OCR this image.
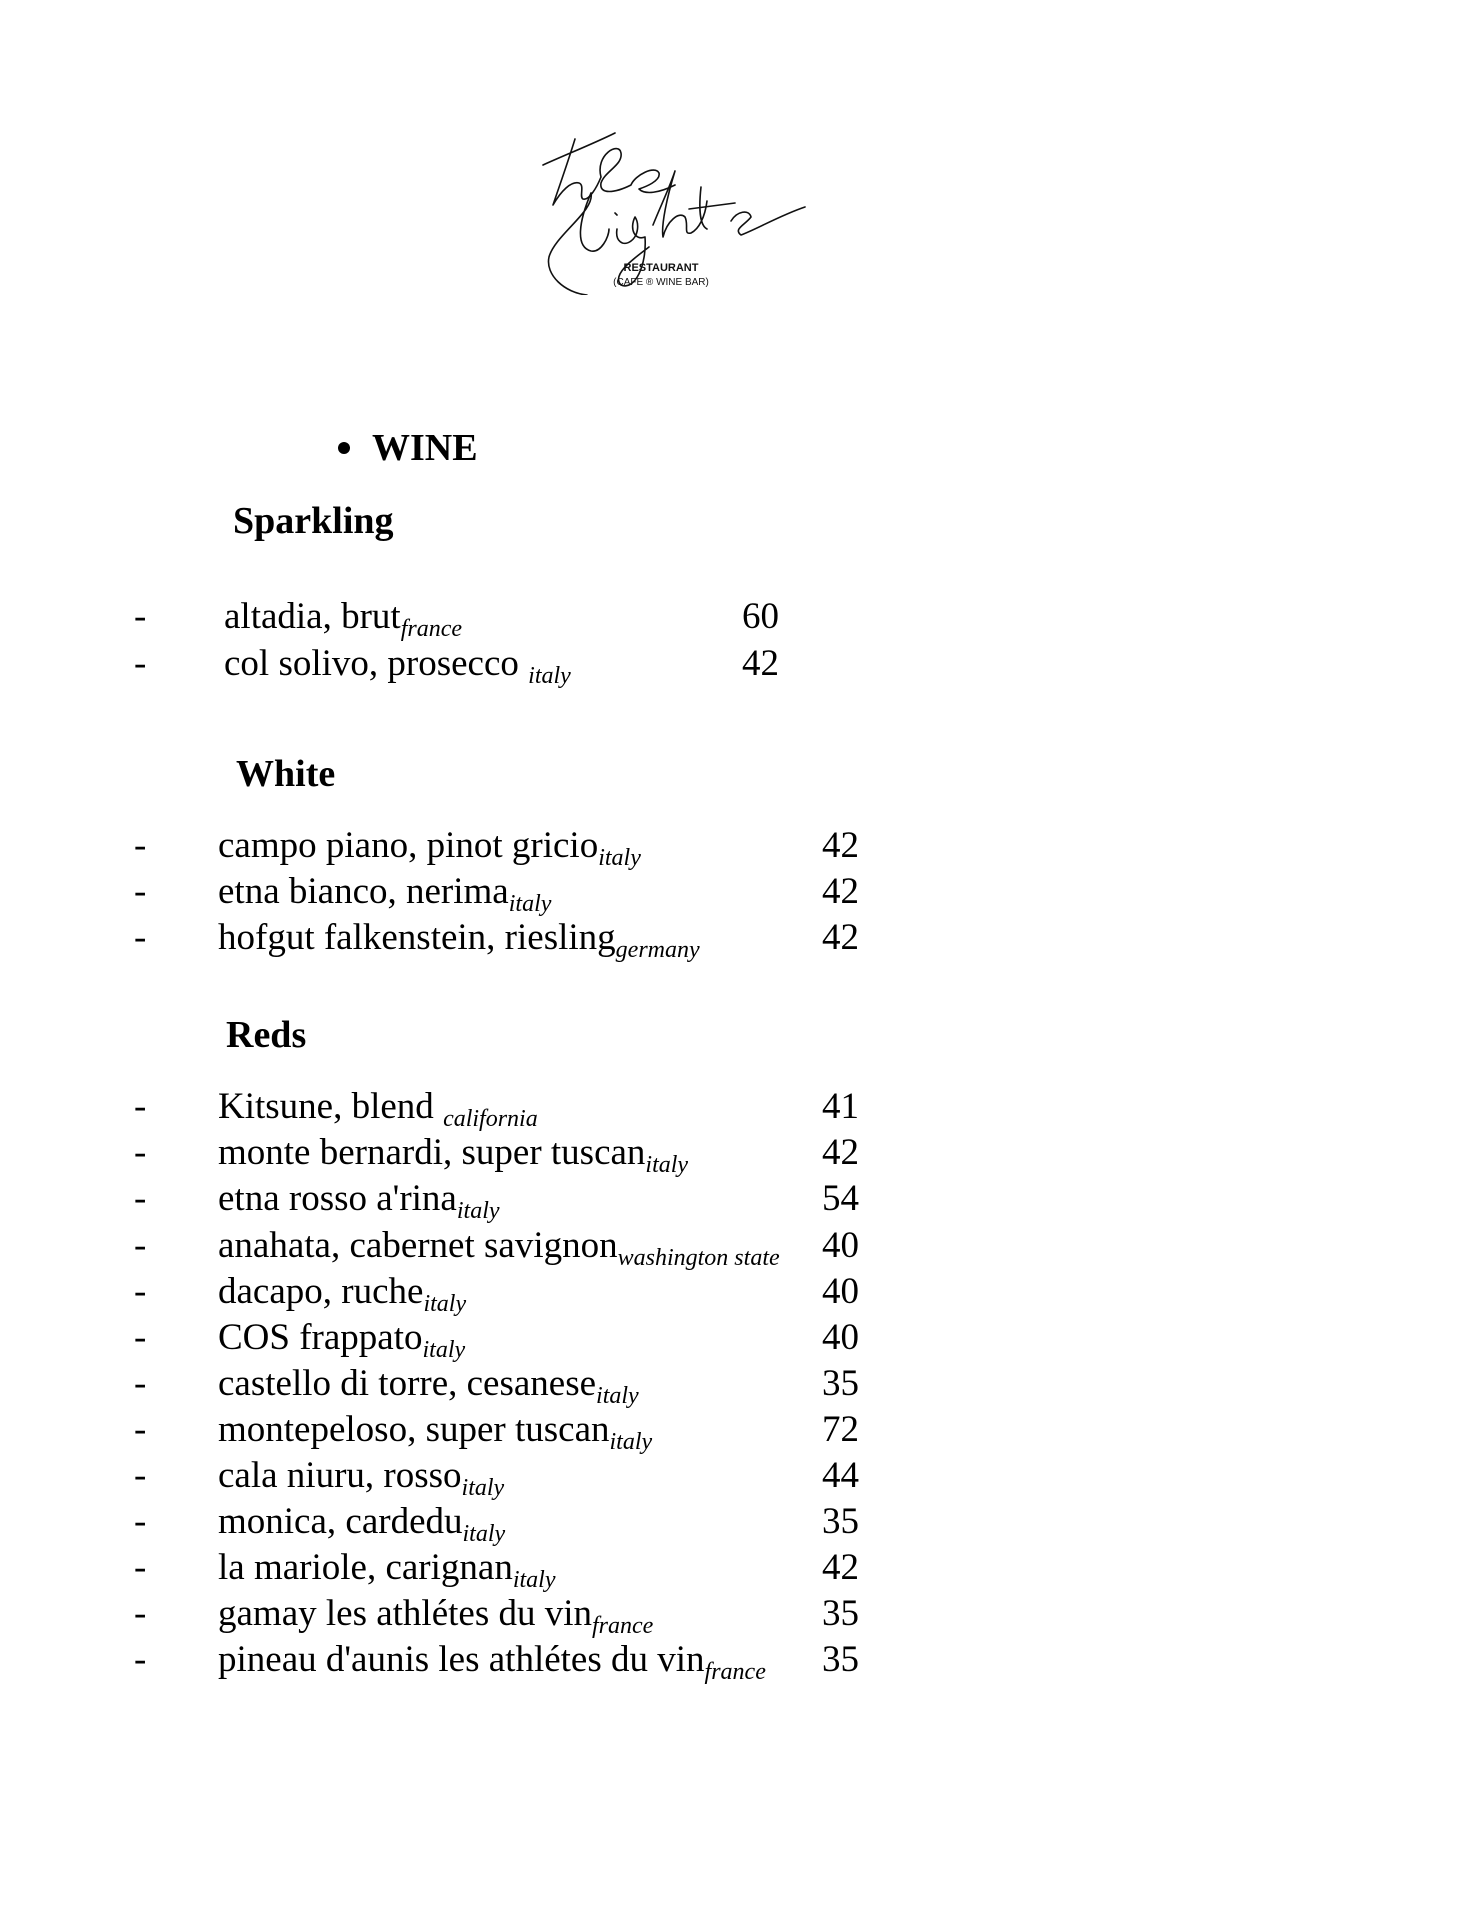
RESTAURANT
(CAFE ® WINE BAR)
WINE
Sparkling
- altadia, brut$_{france}$	60
- col solivo, prosecco $_{italy}$	42
White
- campo piano, pinot gricio$_{italy}$	42
- etna bianco, nerima$_{italy}$	42
- hofgut falkenstein, riesling$_{germany}$	42
Reds
- Kitsune, blend $_{california}$	41
- monte bernardi, super tuscan$_{italy}$	42
- etna rosso a'rina$_{italy}$	54
- anahata, cabernet savignon$_{washington state}$ 40
- dacapo, ruche$_{italy}$	40
- COS frappato$_{italy}$	40
- castello di torre, cesanese$_{italy}$	35
- montepeloso, super tuscan$_{italy}$	72
- cala niuru, rosso$_{italy}$	44
- monica, cardedu$_{italy}$	35
- la mariole, carignan$_{italy}$	42
- gamay les athlétes du vin$_{france}$	35
- pineau d'aunis les athlétes du vin$_{france}$ 35
